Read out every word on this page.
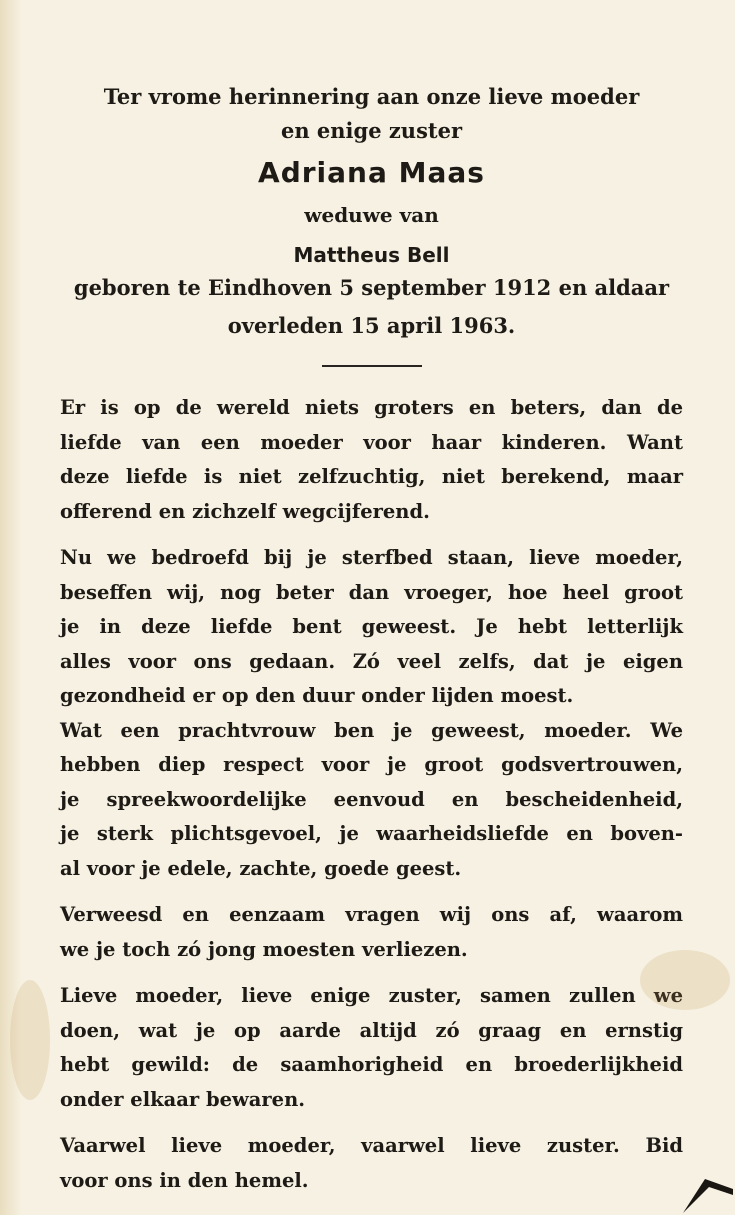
Ter vrome herinnering aan onze lieve moeder
en enige zuster
Adriana Maas
weduwe van
Mattheus Bell
geboren te Eindhoven 5 september 1912 en aldaar
overleden 15 april 1963.

Er is op de wereld niets groters en beters, dan de
liefde van een moeder voor haar kinderen. Want
deze liefde is niet zelfzuchtig, niet berekend, maar
offerend en zichzelf wegcijferend.

Nu we bedroefd bij je sterfbed staan, lieve moeder,
beseffen wij, nog beter dan vroeger, hoe heel groot
je in deze liefde bent geweest. Je hebt letterlijk
alles voor ons gedaan. Zó veel zelfs, dat je eigen
gezondheid er op den duur onder lijden moest.
Wat een prachtvrouw ben je geweest, moeder. We
hebben diep respect voor je groot godsvertrouwen,
je spreekwoordelijke eenvoud en bescheidenheid,
je sterk plichtsgevoel, je waarheidsliefde en boven-
al voor je edele, zachte, goede geest.

Verweesd en eenzaam vragen wij ons af, waarom
we je toch zó jong moesten verliezen.

Lieve moeder, lieve enige zuster, samen zullen we
doen, wat je op aarde altijd zó graag en ernstig
hebt gewild: de saamhorigheid en broederlijkheid
onder elkaar bewaren.

Vaarwel lieve moeder, vaarwel lieve zuster. Bid
voor ons in den hemel.
